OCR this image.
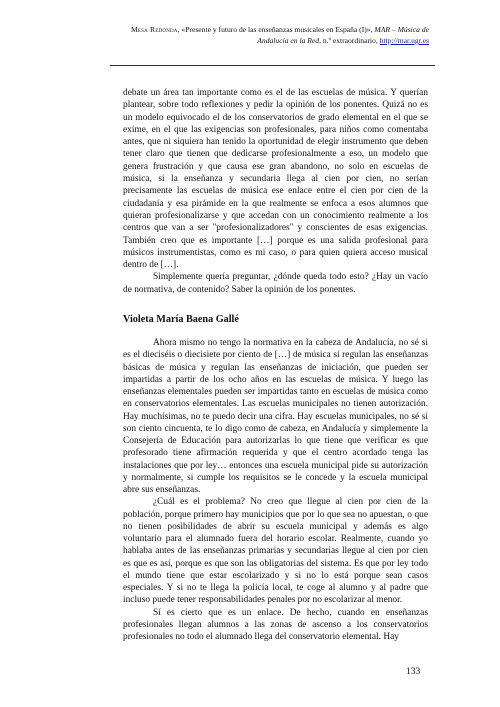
Mesa Redonda, «Presente y futuro de las enseñanzas musicales en España (I)», MAR – Música de
Andalucía en la Red, n.º extraordinario, http://mar.ugr.es

debate un área tan importante como es el de las escuelas de música. Y querían plantear, sobre todo reflexiones y pedir la opinión de los ponentes. Quizá no es un modelo equivocado el de los conservatorios de grado elemental en el que se exime, en el que las exigencias son profesionales, para niños como comentaba antes, que ni siquiera han tenido la oportunidad de elegir instrumento que deben tener claro que tienen que dedicarse profesionalmente a eso, un modelo que genera frustración y que causa ese gran abandono, no solo en escuelas de música, si la enseñanza y secundaria llega al cien por cien, no serían precisamente las escuelas de música ese enlace entre el cien por cien de la ciudadanía y esa pirámide en la que realmente se enfoca a esos alumnos que quieran profesionalizarse y que accedan con un conocimiento realmente a los centros que van a ser "profesionalizadores" y conscientes de esas exigencias. También creo que es importante […] porque es una salida profesional para músicos instrumentistas, como es mi caso, o para quien quiera acceso musical dentro de […].

Simplemente quería preguntar, ¿dónde queda todo esto? ¿Hay un vacío de normativa, de contenido? Saber la opinión de los ponentes.

Violeta María Baena Gallé

Ahora mismo no tengo la normativa en la cabeza de Andalucía, no sé si es el dieciséis o diecisiete por ciento de […] de música sí regulan las enseñanzas básicas de música y regulan las enseñanzas de iniciación, que pueden ser impartidas a partir de los ocho años en las escuelas de música. Y luego las enseñanzas elementales pueden ser impartidas tanto en escuelas de música como en conservatorios elementales. Las escuelas municipales no tienen autorización. Hay muchísimas, no te puedo decir una cifra. Hay escuelas municipales, no sé si son ciento cincuenta, te lo digo como de cabeza, en Andalucía y simplemente la Consejería de Educación para autorizarlas lo que tiene que verificar es que profesorado tiene afirmación requerida y que el centro acordado tenga las instalaciones que por ley… entonces una escuela municipal pide su autorización y normalmente, si cumple los requisitos se le concede y la escuela municipal abre sus enseñanzas.

¿Cuál es el problema? No creo que llegue al cien por cien de la población, porque primero hay municipios que por lo que sea no apuestan, o que no tienen posibilidades de abrir su escuela municipal y además es algo voluntario para el alumnado fuera del horario escolar. Realmente, cuando yo hablaba antes de las enseñanzas primarias y secundarias llegue al cien por cien es que es así, porque es que son las obligatorias del sistema. Es que por ley todo el mundo tiene que estar escolarizado y si no lo está porque sean casos especiales. Y si no te llega la policía local, te coge al alumno y al padre que incluso puede tener responsabilidades penales por no escolarizar al menor.

Sí es cierto que es un enlace. De hecho, cuando en enseñanzas profesionales llegan alumnos a las zonas de ascenso a los conservatorios profesionales no todo el alumnado llega del conservatorio elemental. Hay

133
